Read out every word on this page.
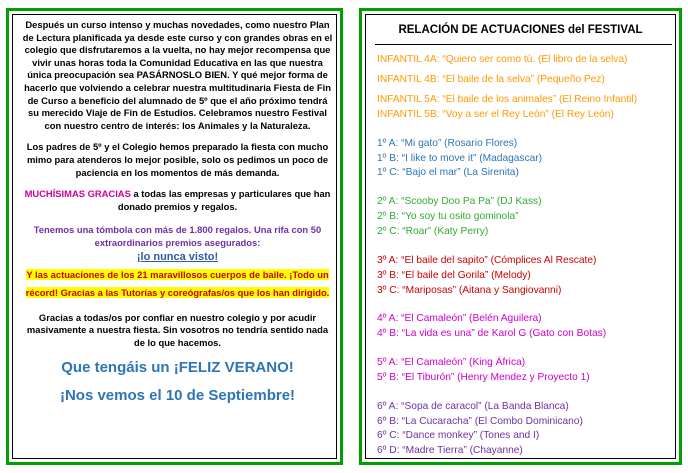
Después un curso intenso y muchas novedades, como nuestro Plan de Lectura planificada ya desde este curso y con grandes obras en el colegio que disfrutaremos a la vuelta, no hay mejor recompensa que vivir unas horas toda la Comunidad Educativa en las que nuestra única preocupación sea PASÁRNOSLO BIEN. Y qué mejor forma de hacerlo que volviendo a celebrar nuestra multitudinaria Fiesta de Fin de Curso a beneficio del alumnado de 5º que el año próximo tendrá su merecido Viaje de Fin de Estudios. Celebramos nuestro Festival con nuestro centro de interés: los Animales y la Naturaleza.

Los padres de 5º y el Colegio hemos preparado la fiesta con mucho mimo para atenderos lo mejor posible, solo os pedimos un poco de paciencia en los momentos de más demanda.

MUCHÍSIMAS GRACIAS a todas las empresas y particulares que han donado premios y regalos.

Tenemos una tómbola con más de 1.800 regalos. Una rifa con 50 extraordinarios premios asegurados:

¡lo nunca visto!

Y las actuaciones de los 21 maravillosos cuerpos de baile. ¡Todo un récord! Gracias a las Tutorías y coreógrafas/os que los han dirigido.

Gracias a todas/os por confiar en nuestro colegio y por acudir masivamente a nuestra fiesta. Sin vosotros no tendría sentido nada de lo que hacemos.

Que tengáis un ¡FELIZ VERANO!

¡Nos vemos el 10 de Septiembre!

RELACIÓN DE ACTUACIONES del FESTIVAL
INFANTIL 4A: “Quiero ser como tú. (El libro de la selva)
INFANTIL 4B: “El baile de la selva” (Pequeño Pez)
INFANTIL 5A: “El baile de los animales” (El Reino Infantil)
INFANTIL 5B: “Voy a ser el Rey León” (El Rey León)
1º A: “Mi gato” (Rosario Flores)
1º B: “I like to move it” (Madagascar)
1º C: “Bajo el mar” (La Sirenita)
2º A: “Scooby Doo Pa Pa” (DJ Kass)
2º B: “Yo soy tu osito gominola”
2º C: “Roar” (Katy Perry)
3º A: “El baile del sapito” (Cómplices Al Rescate)
3º B: “El baile del Gorila” (Melody)
3º C: “Mariposas” (Aitana y Sangiovanni)
4º A: “El Camaleón” (Belén Aguilera)
4º B: “La vida es una” de Karol G (Gato con Botas)
5º A: “El Camaleón” (King África)
5º B: “El Tiburón” (Henry Mendez y Proyecto 1)
6º A: “Sopa de caracol” (La Banda Blanca)
6º B: “La Cucaracha” (El Combo Dominicano)
6º C: “Dance monkey” (Tones and I)
6º D: “Madre Tierra” (Chayanne)
